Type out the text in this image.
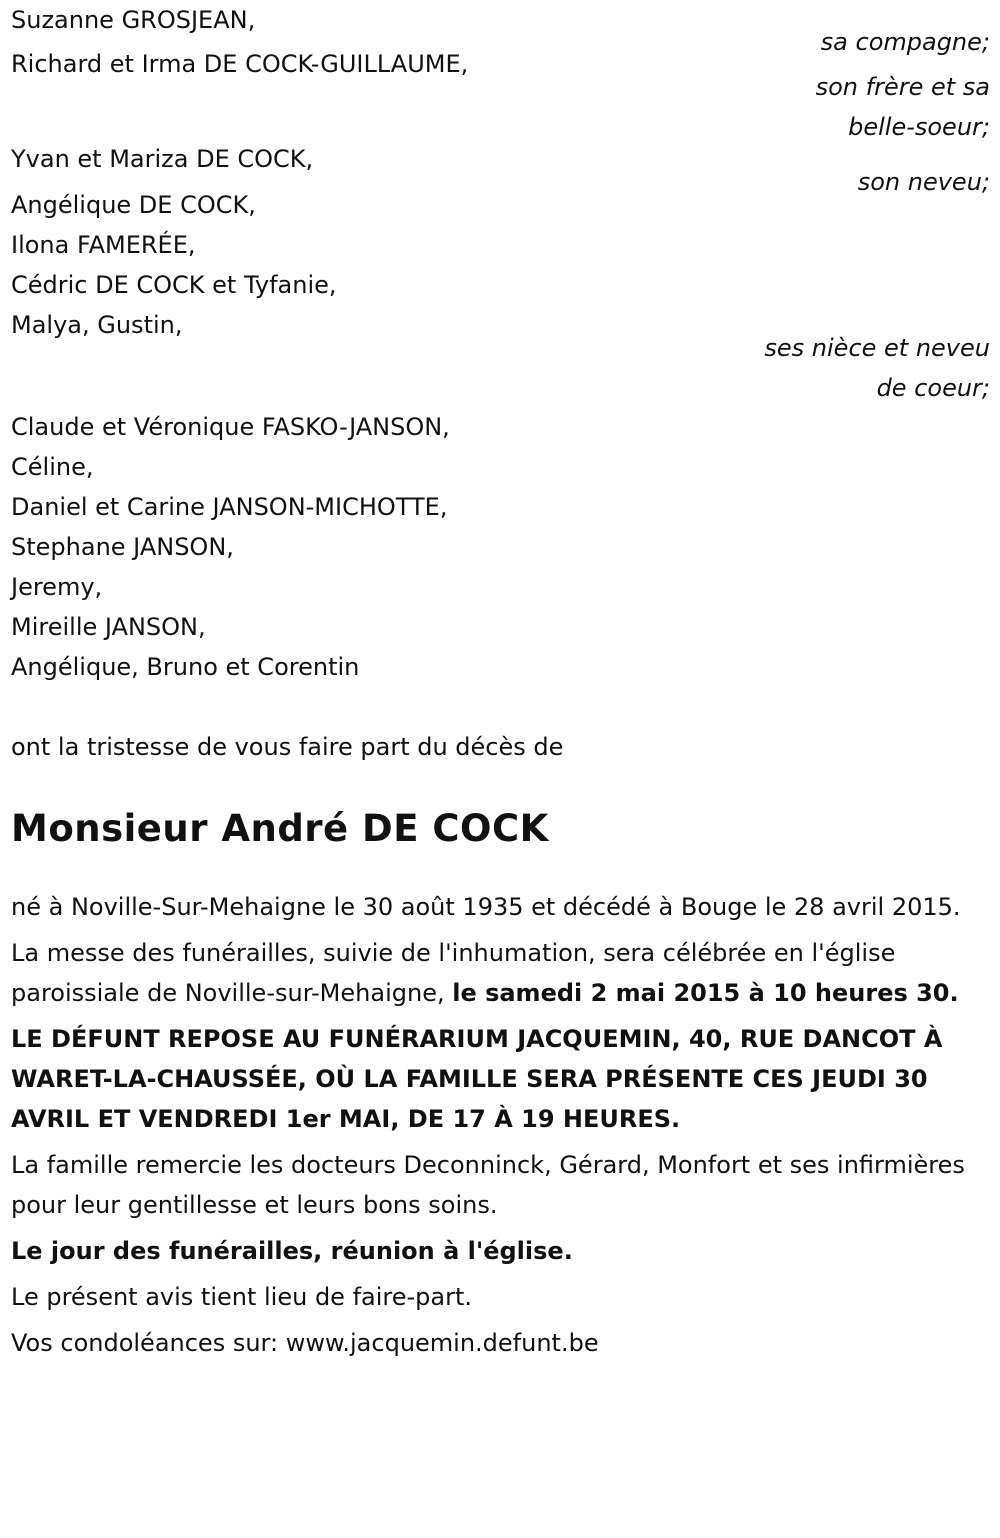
Suzanne GROSJEAN,

sa compagne;

Richard et Irma DE COCK-GUILLAUME,

son frère et sa

belle-soeur;

Yvan et Mariza DE COCK,

son neveu;

Angélique DE COCK,

Ilona FAMERÉE,

Cédric DE COCK et Tyfanie,

Malya, Gustin,

ses nièce et neveu

de coeur;

Claude et Véronique FASKO-JANSON,

Céline,

Daniel et Carine JANSON-MICHOTTE,

Stephane JANSON,

Jeremy,

Mireille JANSON,

Angélique, Bruno et Corentin

ont la tristesse de vous faire part du décès de

Monsieur André DE COCK

né à Noville-Sur-Mehaigne le 30 août 1935 et décédé à Bouge le 28 avril 2015.

La messe des funérailles, suivie de l'inhumation, sera célébrée en l'église paroissiale de Noville-sur-Mehaigne, le samedi 2 mai 2015 à 10 heures 30.

LE DÉFUNT REPOSE AU FUNÉRARIUM JACQUEMIN, 40, RUE DANCOT À WARET-LA-CHAUSSÉE, OÙ LA FAMILLE SERA PRÉSENTE CES JEUDI 30 AVRIL ET VENDREDI 1er MAI, DE 17 À 19 HEURES.

La famille remercie les docteurs Deconninck, Gérard, Monfort et ses infirmières pour leur gentillesse et leurs bons soins.

Le jour des funérailles, réunion à l'église.

Le présent avis tient lieu de faire-part.

Vos condoléances sur: www.jacquemin.defunt.be
